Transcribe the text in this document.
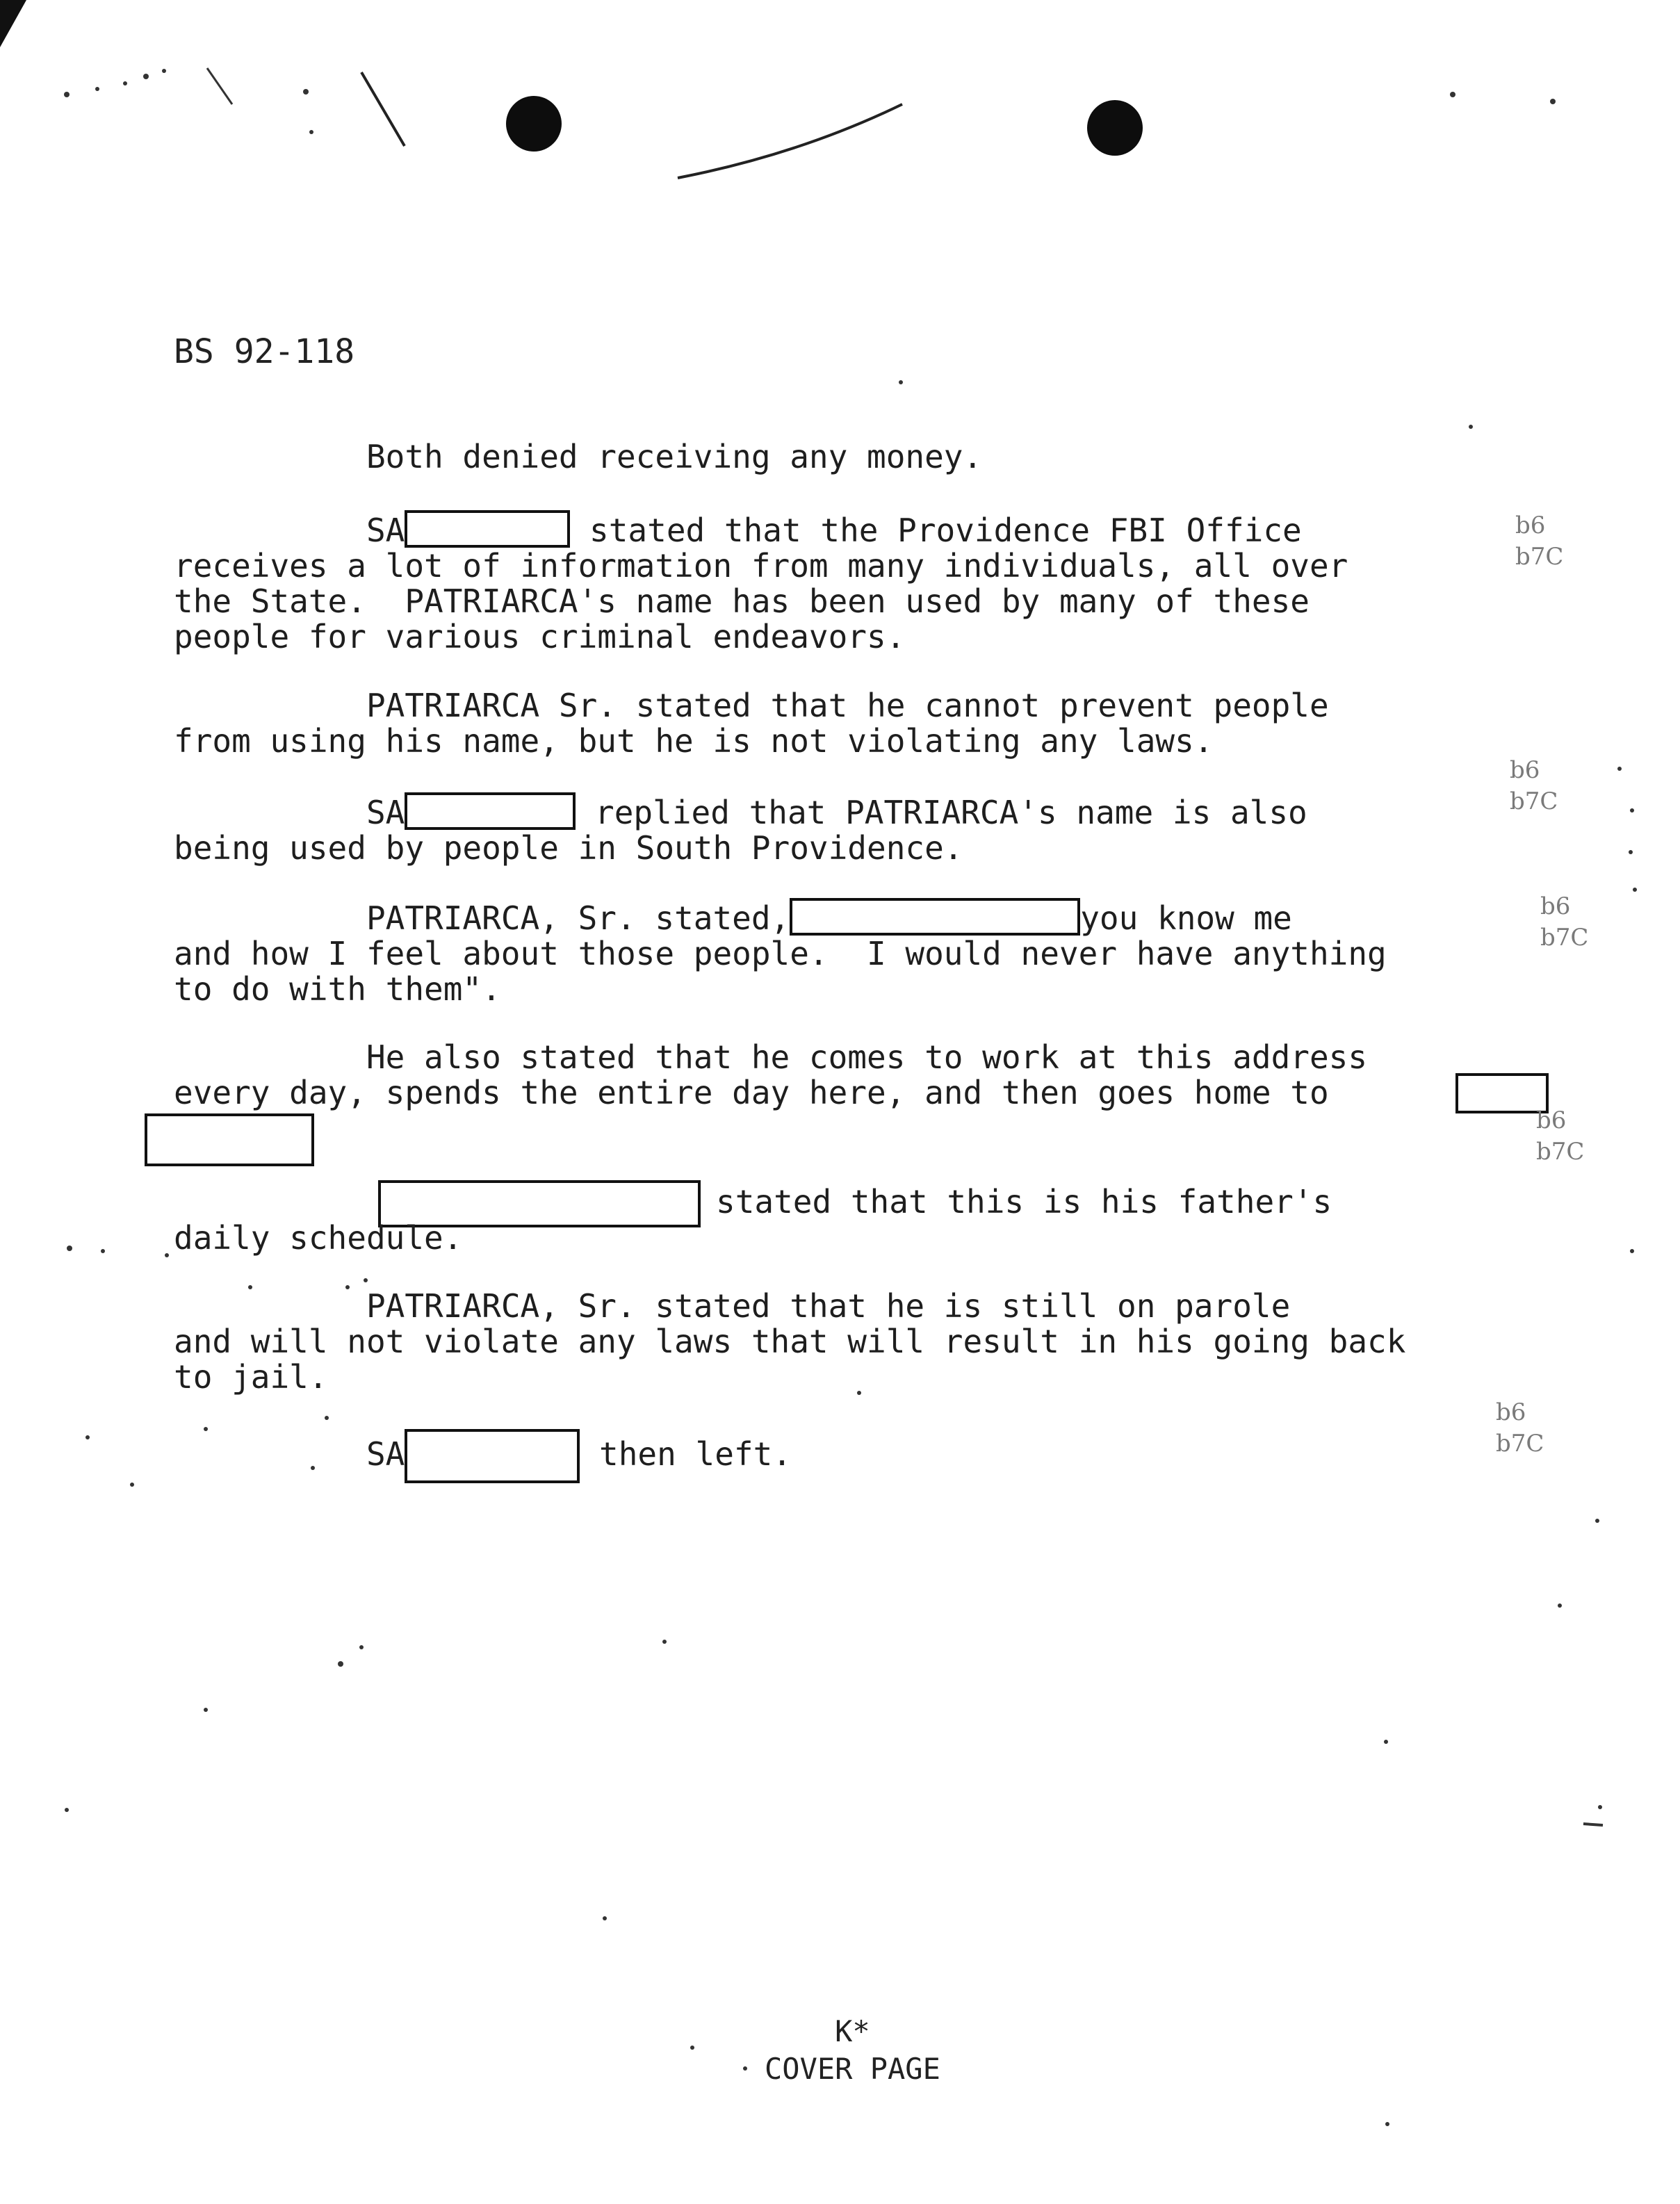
BS 92-118

Both denied receiving any money.

SA	stated that the Providence FBI Office
receives a lot of information from many individuals, all over
the State.  PATRIARCA's name has been used by many of these
people for various criminal endeavors.

PATRIARCA Sr. stated that he cannot prevent people
from using his name, but he is not violating any laws.

SA	replied that PATRIARCA's name is also
being used by people in South Providence.

PATRIARCA, Sr. stated,	you know me
and how I feel about those people.  I would never have anything
to do with them".

He also stated that he comes to work at this address
every day, spends the entire day here, and then goes home to

stated that this is his father's

daily schedule.

PATRIARCA, Sr. stated that he is still on parole
and will not violate any laws that will result in his going back
to jail.

SA	then left.

b6
b7C

b6
b7C

b6
b7C

b6
b7C

b6
b7C

K*
COVER PAGE
